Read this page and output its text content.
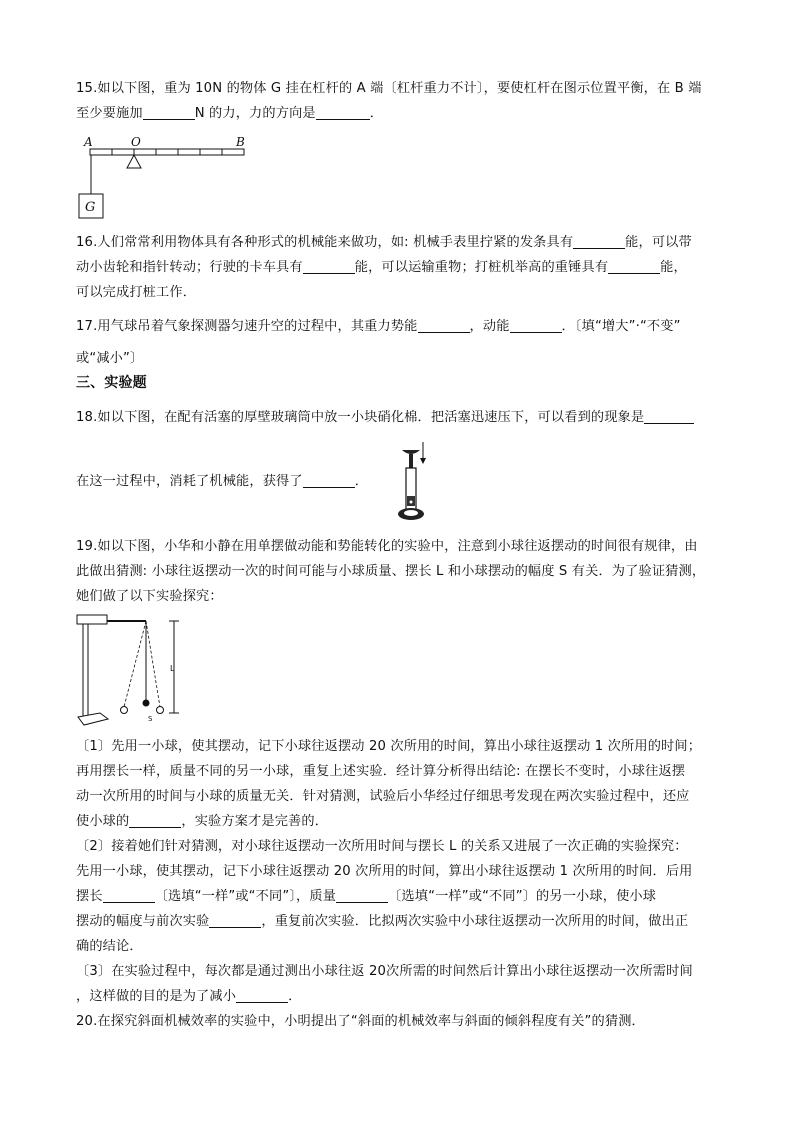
15.如以下图，重为 10N 的物体 G 挂在杠杆的 A 端〔杠杆重力不计〕，要使杠杆在图示位置平衡，在 B 端
至少要施加	N 的力，力的方向是	．
A	O	B
G
16.人们常常利用物体具有各种形式的机械能来做功，如: 机械手表里拧紧的发条具有	能，可以带
动小齿轮和指针转动；行驶的卡车具有	能，可以运输重物；打桩机举高的重锤具有	能，
可以完成打桩工作．
17.用气球吊着气象探测器匀速升空的过程中，其重力势能	，动能	．〔填“增大”·“不变”
或“减小”〕
三、实验题
18.如以下图，在配有活塞的厚壁玻璃筒中放一小块硝化棉．把活塞迅速压下，可以看到的现象是
在这一过程中，消耗了机械能，获得了	．
19.如以下图，小华和小静在用单摆做动能和势能转化的实验中，注意到小球往返摆动的时间很有规律，由
此做出猜测: 小球往返摆动一次的时间可能与小球质量、摆长 L 和小球摆动的幅度 S 有关．为了验证猜测，
她们做了以下实验探究：
S
L
〔1〕先用一小球，使其摆动，记下小球往返摆动 20 次所用的时间，算出小球往返摆动 1 次所用的时间；
再用摆长一样，质量不同的另一小球，重复上述实验．经计算分析得出结论: 在摆长不变时，小球往返摆
动一次所用的时间与小球的质量无关．针对猜测，试验后小华经过仔细思考发现在两次实验过程中，还应
使小球的	，实验方案才是完善的．
〔2〕接着她们针对猜测，对小球往返摆动一次所用时间与摆长 L 的关系又进展了一次正确的实验探究：
先用一小球，使其摆动，记下小球往返摆动 20 次所用的时间，算出小球往返摆动 1 次所用的时间．后用
摆长	〔选填“一样”或“不同”〕，质量	〔选填“一样”或“不同”〕的另一小球，使小球
摆动的幅度与前次实验	，重复前次实验．比拟两次实验中小球往返摆动一次所用的时间，做出正
确的结论．
〔3〕在实验过程中，每次都是通过测出小球往返 20次所需的时间然后计算出小球往返摆动一次所需时间
，这样做的目的是为了减小	．
20.在探究斜面机械效率的实验中，小明提出了“斜面的机械效率与斜面的倾斜程度有关”的猜测．
